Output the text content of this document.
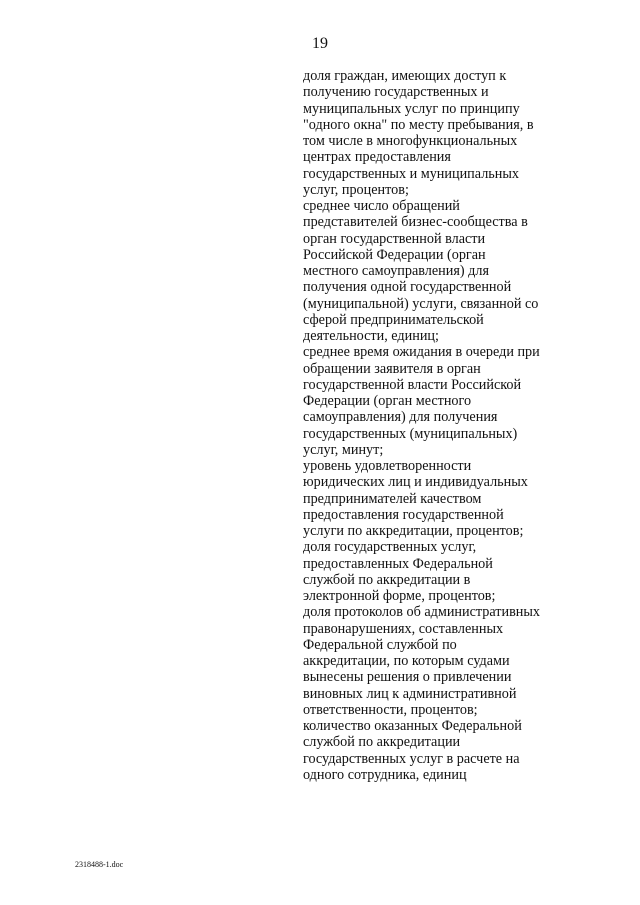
19
доля граждан, имеющих доступ к
получению государственных и
муниципальных услуг по принципу
"одного окна" по месту пребывания, в
том числе в многофункциональных
центрах предоставления
государственных и муниципальных
услуг, процентов;
среднее число обращений
представителей бизнес-сообщества в
орган государственной власти
Российской Федерации (орган
местного самоуправления) для
получения одной государственной
(муниципальной) услуги, связанной со
сферой предпринимательской
деятельности, единиц;
среднее время ожидания в очереди при
обращении заявителя в орган
государственной власти Российской
Федерации (орган местного
самоуправления) для получения
государственных (муниципальных)
услуг, минут;
уровень удовлетворенности
юридических лиц и индивидуальных
предпринимателей качеством
предоставления государственной
услуги по аккредитации, процентов;
доля государственных услуг,
предоставленных Федеральной
службой по аккредитации в
электронной форме, процентов;
доля протоколов об административных
правонарушениях, составленных
Федеральной службой по
аккредитации, по которым судами
вынесены решения о привлечении
виновных лиц к административной
ответственности, процентов;
количество оказанных Федеральной
службой по аккредитации
государственных услуг в расчете на
одного сотрудника, единиц
2318488-1.doc
